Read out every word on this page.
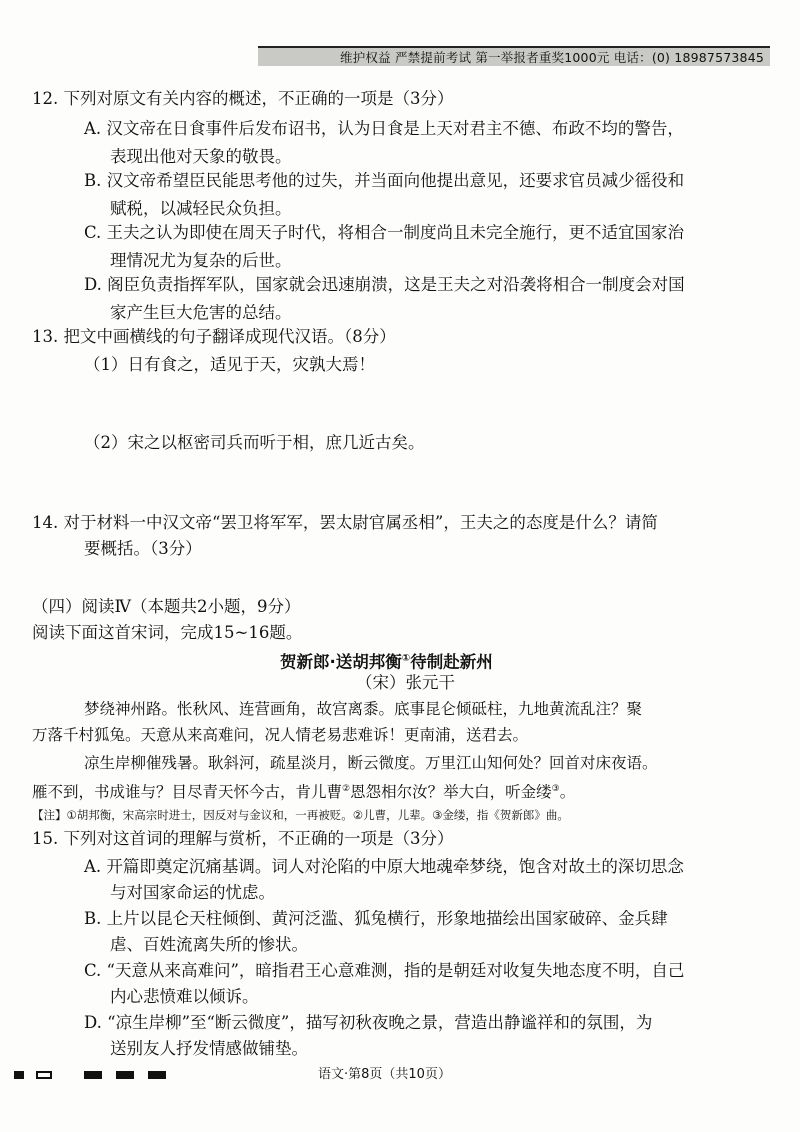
维护权益 严禁提前考试 第一举报者重奖1000元 电话：(0) 18987573845
12. 下列对原文有关内容的概述，不正确的一项是（3分）
A. 汉文帝在日食事件后发布诏书，认为日食是上天对君主不德、布政不均的警告，
表现出他对天象的敬畏。
B. 汉文帝希望臣民能思考他的过失，并当面向他提出意见，还要求官员减少徭役和
赋税，以减轻民众负担。
C. 王夫之认为即使在周天子时代，将相合一制度尚且未完全施行，更不适宜国家治
理情况尤为复杂的后世。
D. 阁臣负责指挥军队，国家就会迅速崩溃，这是王夫之对沿袭将相合一制度会对国
家产生巨大危害的总结。
13. 把文中画横线的句子翻译成现代汉语。（8分）
（1）日有食之，适见于天，灾孰大焉！
（2）宋之以枢密司兵而听于相，庶几近古矣。
14. 对于材料一中汉文帝“罢卫将军军，罢太尉官属丞相”，王夫之的态度是什么？请简
要概括。（3分）
（四）阅读Ⅳ（本题共2小题，9分）
阅读下面这首宋词，完成15~16题。
贺新郎·送胡邦衡①待制赴新州
（宋）张元干
梦绕神州路。怅秋风、连营画角，故宫离黍。底事昆仑倾砥柱，九地黄流乱注？聚
万落千村狐兔。天意从来高难问，况人情老易悲难诉！更南浦，送君去。
凉生岸柳催残暑。耿斜河，疏星淡月，断云微度。万里江山知何处？回首对床夜语。
雁不到，书成谁与？目尽青天怀今古，肯儿曹②恩怨相尔汝？举大白，听金缕③。
【注】①胡邦衡，宋高宗时进士，因反对与金议和，一再被贬。②儿曹，儿辈。③金缕，指《贺新郎》曲。
15. 下列对这首词的理解与赏析，不正确的一项是（3分）
A. 开篇即奠定沉痛基调。词人对沦陷的中原大地魂牵梦绕，饱含对故土的深切思念
与对国家命运的忧虑。
B. 上片以昆仑天柱倾倒、黄河泛滥、狐兔横行，形象地描绘出国家破碎、金兵肆
虐、百姓流离失所的惨状。
C. “天意从来高难问”，暗指君王心意难测，指的是朝廷对收复失地态度不明，自己
内心悲愤难以倾诉。
D. “凉生岸柳”至“断云微度”，描写初秋夜晚之景，营造出静谧祥和的氛围，为
送别友人抒发情感做铺垫。
语文·第8页（共10页）
